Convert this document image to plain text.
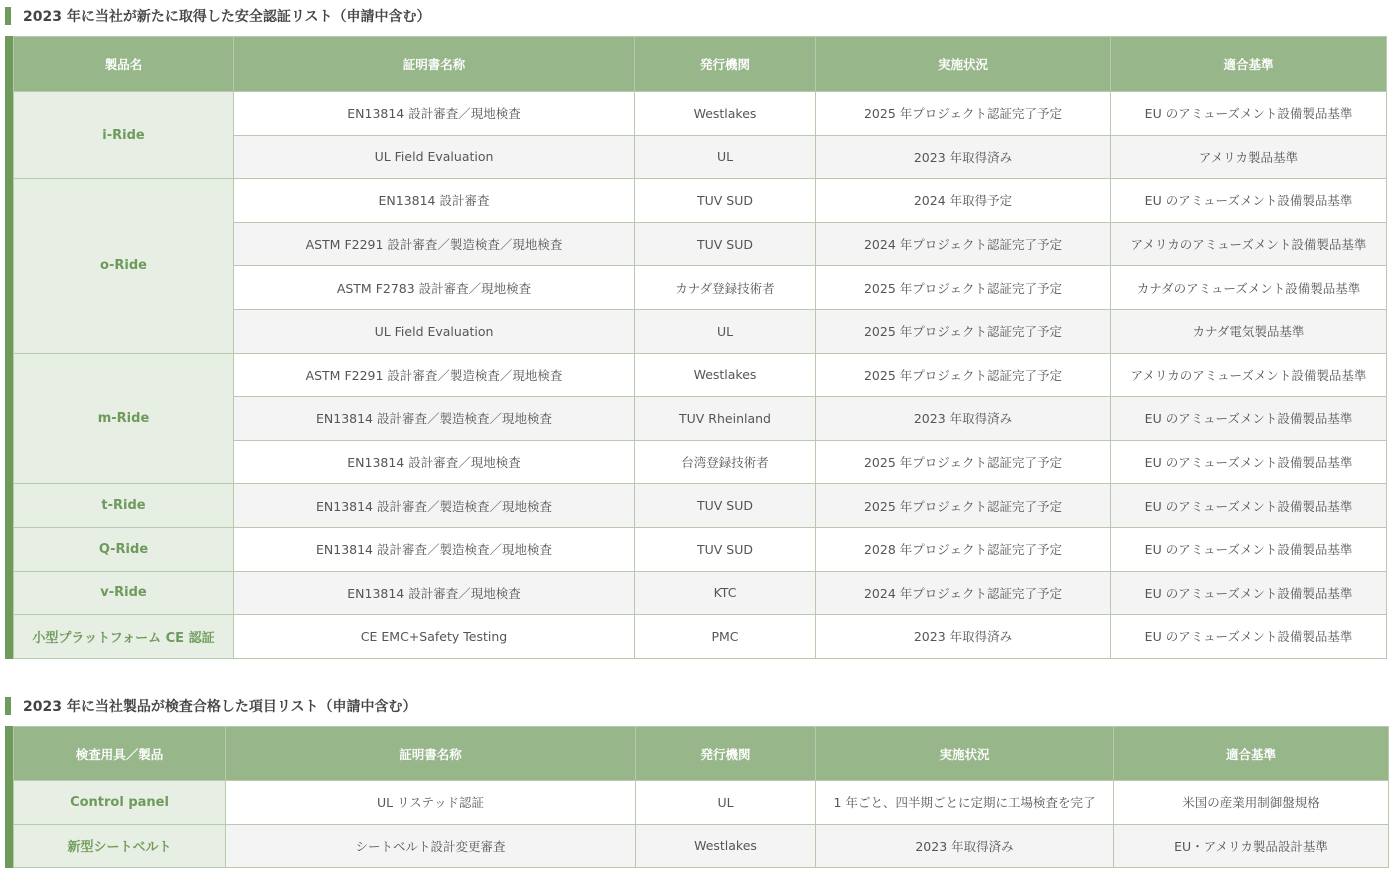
2023 年に当社が新たに取得した安全認証リスト（申請中含む）
製品名	証明書名称	発行機関	実施状況	適合基準
i-Ride	EN13814 設計審査／現地検査	Westlakes	2025 年プロジェクト認証完了予定	EU のアミューズメント設備製品基準
	UL Field Evaluation	UL	2023 年取得済み	アメリカ製品基準
o-Ride	EN13814 設計審査	TUV SUD	2024 年取得予定	EU のアミューズメント設備製品基準
	ASTM F2291 設計審査／製造検査／現地検査	TUV SUD	2024 年プロジェクト認証完了予定	アメリカのアミューズメント設備製品基準
	ASTM F2783 設計審査／現地検査	カナダ登録技術者	2025 年プロジェクト認証完了予定	カナダのアミューズメント設備製品基準
	UL Field Evaluation	UL	2025 年プロジェクト認証完了予定	カナダ電気製品基準
m-Ride	ASTM F2291 設計審査／製造検査／現地検査	Westlakes	2025 年プロジェクト認証完了予定	アメリカのアミューズメント設備製品基準
	EN13814 設計審査／製造検査／現地検査	TUV Rheinland	2023 年取得済み	EU のアミューズメント設備製品基準
	EN13814 設計審査／現地検査	台湾登録技術者	2025 年プロジェクト認証完了予定	EU のアミューズメント設備製品基準
t-Ride	EN13814 設計審査／製造検査／現地検査	TUV SUD	2025 年プロジェクト認証完了予定	EU のアミューズメント設備製品基準
Q-Ride	EN13814 設計審査／製造検査／現地検査	TUV SUD	2028 年プロジェクト認証完了予定	EU のアミューズメント設備製品基準
v-Ride	EN13814 設計審査／現地検査	KTC	2024 年プロジェクト認証完了予定	EU のアミューズメント設備製品基準
小型プラットフォーム CE 認証	CE EMC+Safety Testing	PMC	2023 年取得済み	EU のアミューズメント設備製品基準
2023 年に当社製品が検査合格した項目リスト（申請中含む）
検査用具／製品	証明書名称	発行機関	実施状況	適合基準
Control panel	UL リステッド認証	UL	1 年ごと、四半期ごとに定期に工場検査を完了	米国の産業用制御盤規格
新型シートベルト	シートベルト設計変更審査	Westlakes	2023 年取得済み	EU・アメリカ製品設計基準
